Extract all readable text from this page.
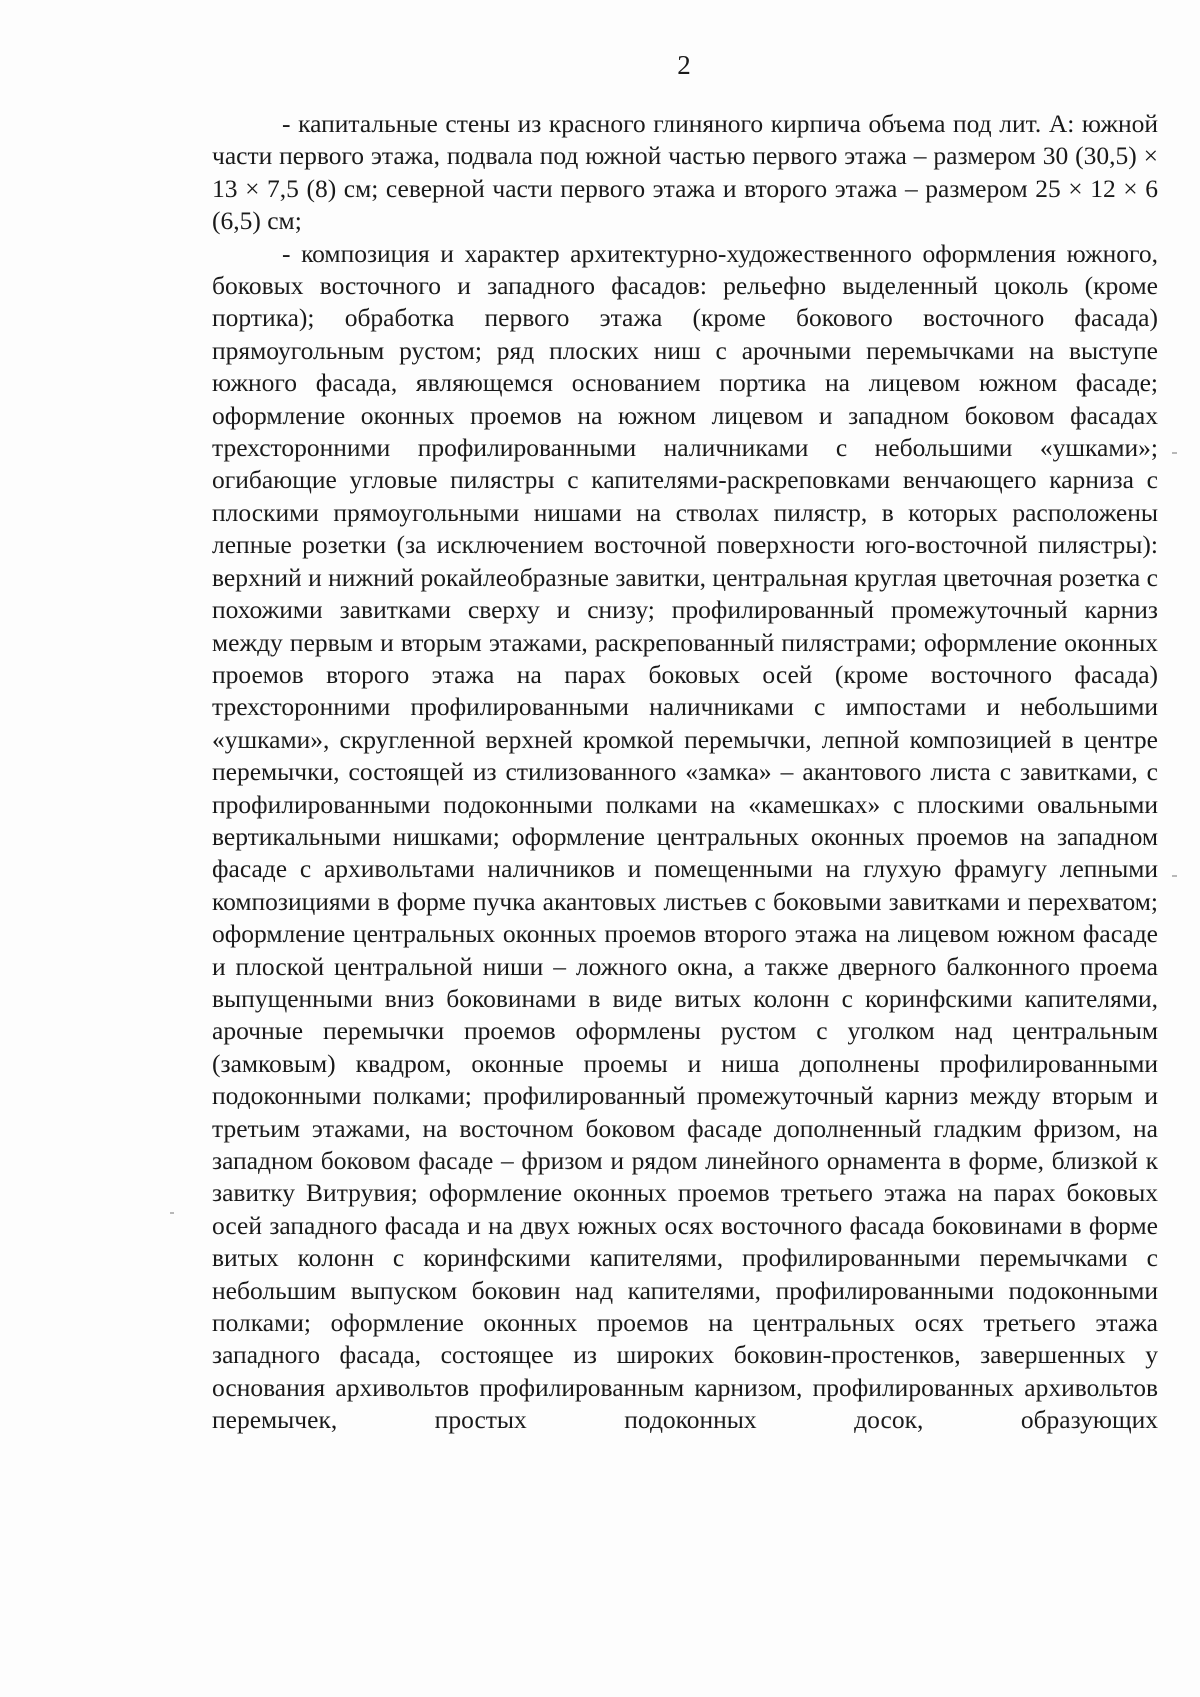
2

- капитальные стены из красного глиняного кирпича объема под лит. А: южной части первого этажа, подвала под южной частью первого этажа – размером 30 (30,5) × 13 × 7,5 (8) см; северной части первого этажа и второго этажа – размером 25 × 12 × 6 (6,5) см;

- композиция и характер архитектурно-художественного оформления южного, боковых восточного и западного фасадов: рельефно выделенный цоколь (кроме портика); обработка первого этажа (кроме бокового восточного фасада) прямоугольным рустом; ряд плоских ниш с арочными перемычками на выступе южного фасада, являющемся основанием портика на лицевом южном фасаде; оформление оконных проемов на южном лицевом и западном боковом фасадах трехсторонними профилированными наличниками с небольшими «ушками»; огибающие угловые пилястры с капителями-раскреповками венчающего карниза с плоскими прямоугольными нишами на стволах пилястр, в которых расположены лепные розетки (за исключением восточной поверхности юго-восточной пилястры): верхний и нижний рокайлеобразные завитки, центральная круглая цветочная розетка с похожими завитками сверху и снизу; профилированный промежуточный карниз между первым и вторым этажами, раскрепованный пилястрами; оформление оконных проемов второго этажа на парах боковых осей (кроме восточного фасада) трехсторонними профилированными наличниками с импостами и небольшими «ушками», скругленной верхней кромкой перемычки, лепной композицией в центре перемычки, состоящей из стилизованного «замка» – акантового листа с завитками, с профилированными подоконными полками на «камешках» с плоскими овальными вертикальными нишками; оформление центральных оконных проемов на западном фасаде с архивольтами наличников и помещенными на глухую фрамугу лепными композициями в форме пучка акантовых листьев с боковыми завитками и перехватом; оформление центральных оконных проемов второго этажа на лицевом южном фасаде и плоской центральной ниши – ложного окна, а также дверного балконного проема выпущенными вниз боковинами в виде витых колонн с коринфскими капителями, арочные перемычки проемов оформлены рустом с уголком над центральным (замковым) квадром, оконные проемы и ниша дополнены профилированными подоконными полками; профилированный промежуточный карниз между вторым и третьим этажами, на восточном боковом фасаде дополненный гладким фризом, на западном боковом фасаде – фризом и рядом линейного орнамента в форме, близкой к завитку Витрувия; оформление оконных проемов третьего этажа на парах боковых осей западного фасада и на двух южных осях восточного фасада боковинами в форме витых колонн с коринфскими капителями, профилированными перемычками с небольшим выпуском боковин над капителями, профилированными подоконными полками; оформление оконных проемов на центральных осях третьего этажа западного фасада, состоящее из широких боковин-простенков, завершенных у основания архивольтов профилированным карнизом, профилированных архивольтов перемычек, простых подоконных досок, образующих
